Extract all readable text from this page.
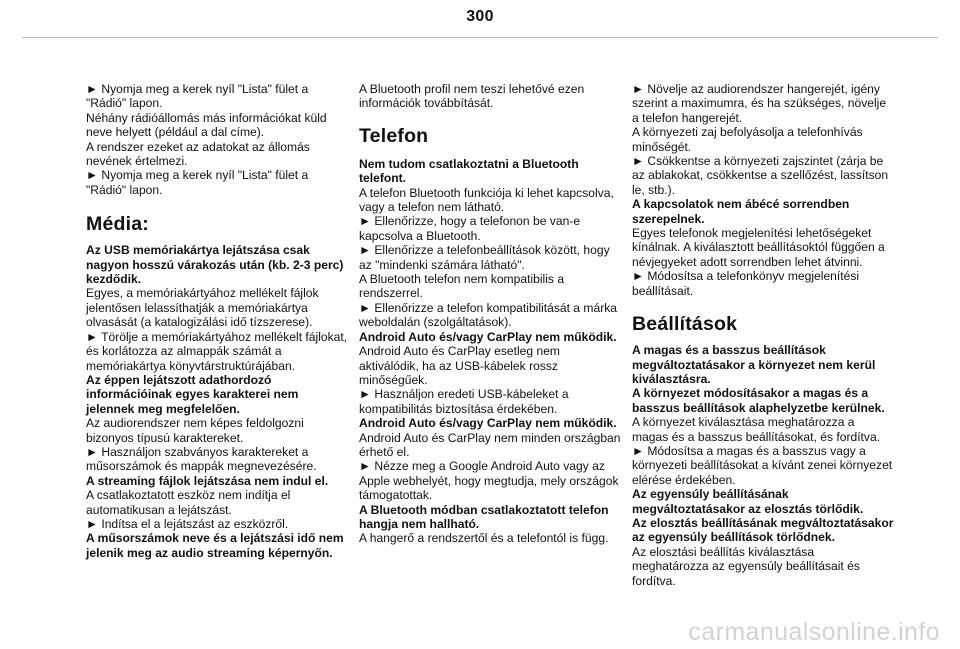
300

► Nyomja meg a kerek nyíl "Lista" fület a "Rádió" lapon.

Néhány rádióállomás más információkat küld neve helyett (például a dal címe).

A rendszer ezeket az adatokat az állomás nevének értelmezi.

► Nyomja meg a kerek nyíl "Lista" fület a "Rádió" lapon.

Média:

Az USB memóriakártya lejátszása csak nagyon hosszú várakozás után (kb. 2-3 perc) kezdődik.

Egyes, a memóriakártyához mellékelt fájlok jelentősen lelassíthatják a memóriakártya olvasását (a katalogizálási idő tízszerese).

► Törölje a memóriakártyához mellékelt fájlokat, és korlátozza az almappák számát a memóriakártya könyvtárstruktúrájában.

Az éppen lejátszott adathordozó információinak egyes karakterei nem jelennek meg megfelelően.

Az audiorendszer nem képes feldolgozni bizonyos típusú karaktereket.

► Használjon szabványos karaktereket a műsorszámok és mappák megnevezésére.

A streaming fájlok lejátszása nem indul el.

A csatlakoztatott eszköz nem indítja el automatikusan a lejátszást.

► Indítsa el a lejátszást az eszközről.

A műsorszámok neve és a lejátszási idő nem jelenik meg az audio streaming képernyőn.

A Bluetooth profil nem teszi lehetővé ezen információk továbbítását.

Telefon

Nem tudom csatlakoztatni a Bluetooth telefont.

A telefon Bluetooth funkciója ki lehet kapcsolva, vagy a telefon nem látható.

► Ellenőrizze, hogy a telefonon be van-e kapcsolva a Bluetooth.

► Ellenőrizze a telefonbeállítások között, hogy az "mindenki számára látható".

A Bluetooth telefon nem kompatibilis a rendszerrel.

► Ellenőrizze a telefon kompatibilitását a márka weboldalán (szolgáltatások).

Android Auto és/vagy CarPlay nem működik.

Android Auto és CarPlay esetleg nem aktiválódik, ha az USB-kábelek rossz minőségűek.

► Használjon eredeti USB-kábeleket a kompatibilitás biztosítása érdekében.

Android Auto és/vagy CarPlay nem működik.

Android Auto és CarPlay nem minden országban érhető el.

► Nézze meg a Google Android Auto vagy az Apple webhelyét, hogy megtudja, mely országok támogatottak.

A Bluetooth módban csatlakoztatott telefon hangja nem hallható.

A hangerő a rendszertől és a telefontól is függ.

► Növelje az audiorendszer hangerejét, igény szerint a maximumra, és ha szükséges, növelje a telefon hangerejét.

A környezeti zaj befolyásolja a telefonhívás minőségét.

► Csökkentse a környezeti zajszintet (zárja be az ablakokat, csökkentse a szellőzést, lassítson le, stb.).

A kapcsolatok nem ábécé sorrendben szerepelnek.

Egyes telefonok megjelenítési lehetőségeket kínálnak. A kiválasztott beállításoktól függően a névjegyeket adott sorrendben lehet átvinni.

► Módosítsa a telefonkönyv megjelenítési beállításait.

Beállítások

A magas és a basszus beállítások megváltoztatásakor a környezet nem kerül kiválasztásra.

A környezet módosításakor a magas és a basszus beállítások alaphelyzetbe kerülnek.

A környezet kiválasztása meghatározza a magas és a basszus beállításokat, és fordítva.

► Módosítsa a magas és a basszus vagy a környezeti beállításokat a kívánt zenei környezet elérése érdekében.

Az egyensúly beállításának megváltoztatásakor az elosztás törlődik.

Az elosztás beállításának megváltoztatásakor az egyensúly beállítások törlődnek.

Az elosztási beállítás kiválasztása meghatározza az egyensúly beállításait és fordítva.

carmanualsonline.info
